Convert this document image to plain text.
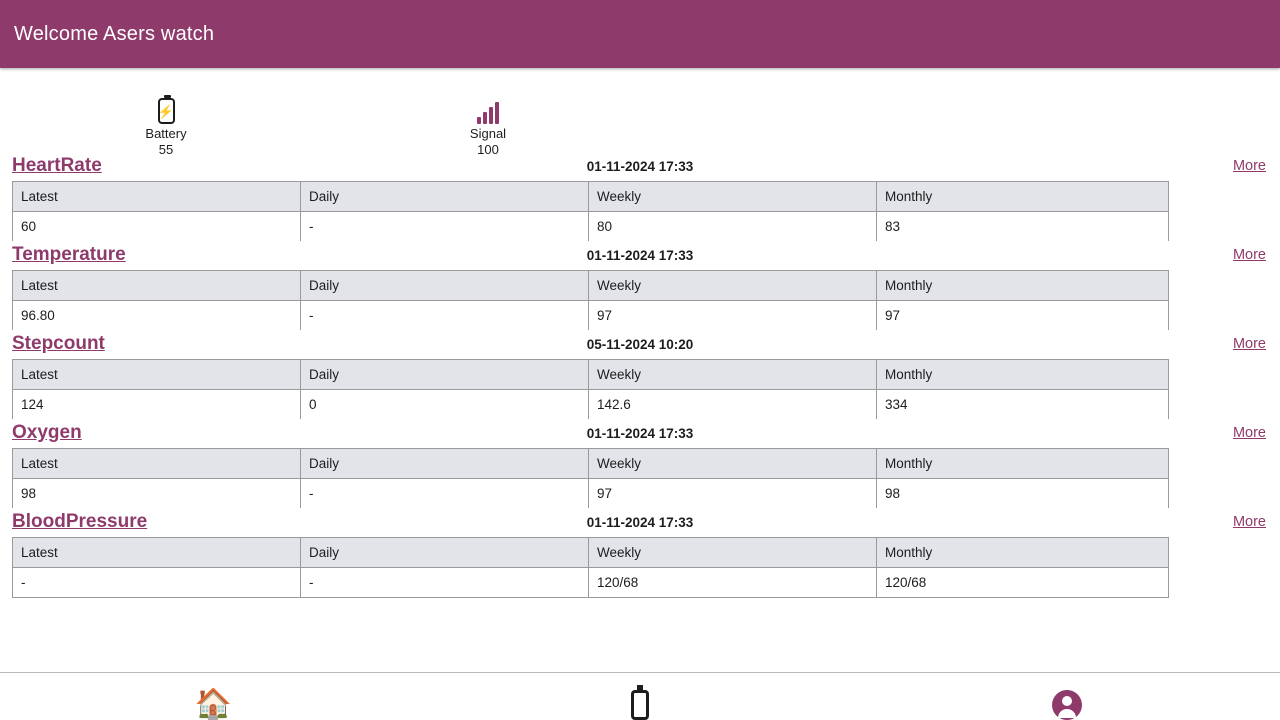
Welcome Asers watch
⚡
Battery
55
Signal
100
HeartRate	01-11-2024 17:33	More
Latest	Daily	Weekly	Monthly
60	-	80	83
Temperature	01-11-2024 17:33	More
Latest	Daily	Weekly	Monthly
96.80	-	97	97
Stepcount	05-11-2024 10:20	More
Latest	Daily	Weekly	Monthly
124	0	142.6	334
Oxygen	01-11-2024 17:33	More
Latest	Daily	Weekly	Monthly
98	-	97	98
BloodPressure	01-11-2024 17:33	More
Latest	Daily	Weekly	Monthly
-	-	120/68	120/68
🏠
